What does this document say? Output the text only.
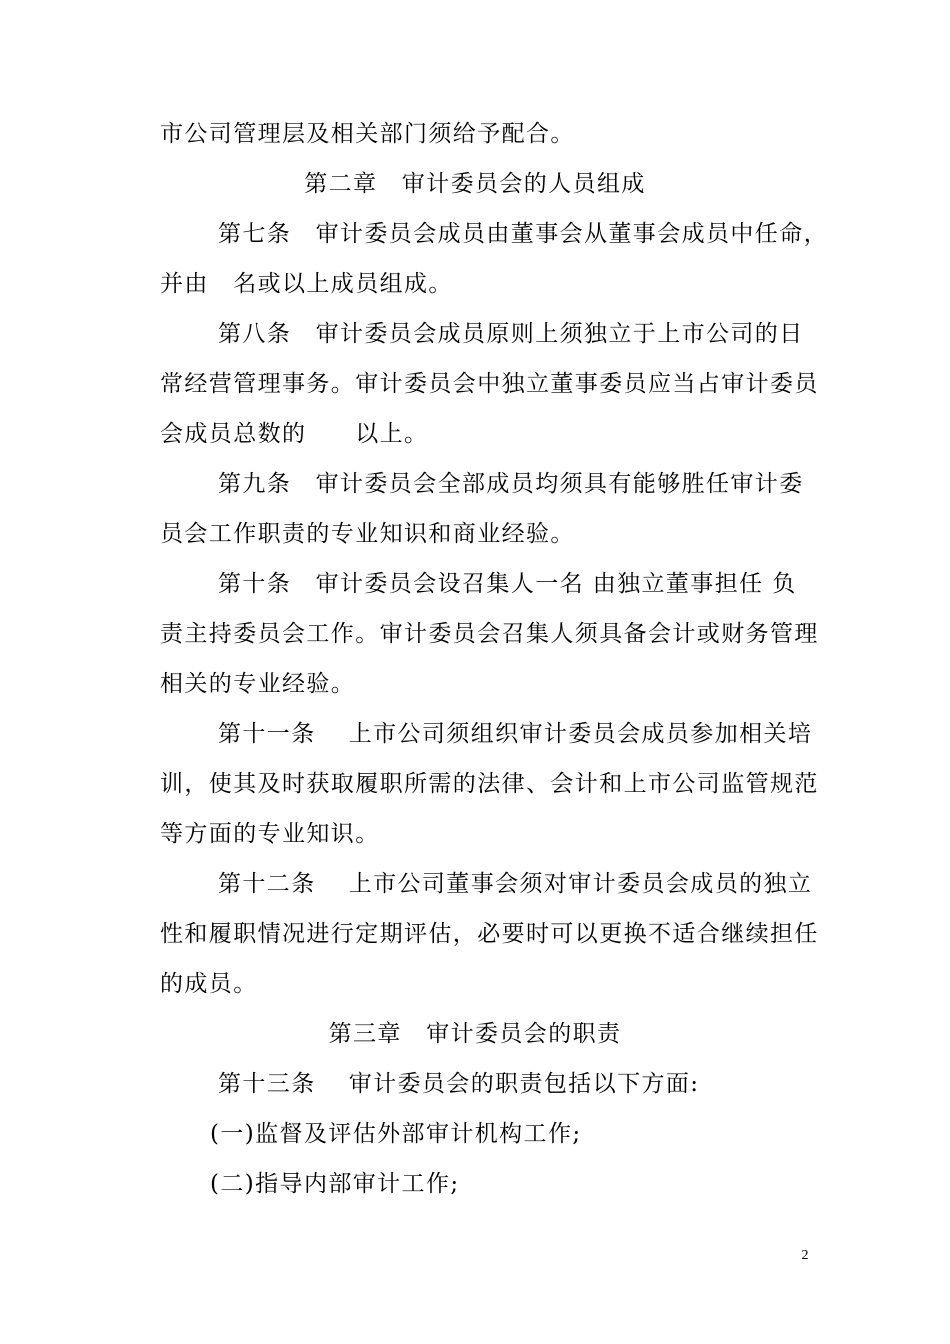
市公司管理层及相关部门须给予配合。
第二章　审计委员会的人员组成
第七条　审计委员会成员由董事会从董事会成员中任命，
并由　名或以上成员组成。
第八条　审计委员会成员原则上须独立于上市公司的日
常经营管理事务。审计委员会中独立董事委员应当占审计委员
会成员总数的　　以上。
第九条　审计委员会全部成员均须具有能够胜任审计委
员会工作职责的专业知识和商业经验。
第十条　审计委员会设召集人一名 由独立董事担任 负
责主持委员会工作。审计委员会召集人须具备会计或财务管理
相关的专业经验。
第十一条　 上市公司须组织审计委员会成员参加相关培
训，使其及时获取履职所需的法律、会计和上市公司监管规范
等方面的专业知识。
第十二条　 上市公司董事会须对审计委员会成员的独立
性和履职情况进行定期评估，必要时可以更换不适合继续担任
的成员。
第三章　审计委员会的职责
第十三条　 审计委员会的职责包括以下方面:
(一)监督及评估外部审计机构工作;
(二)指导内部审计工作;
2
